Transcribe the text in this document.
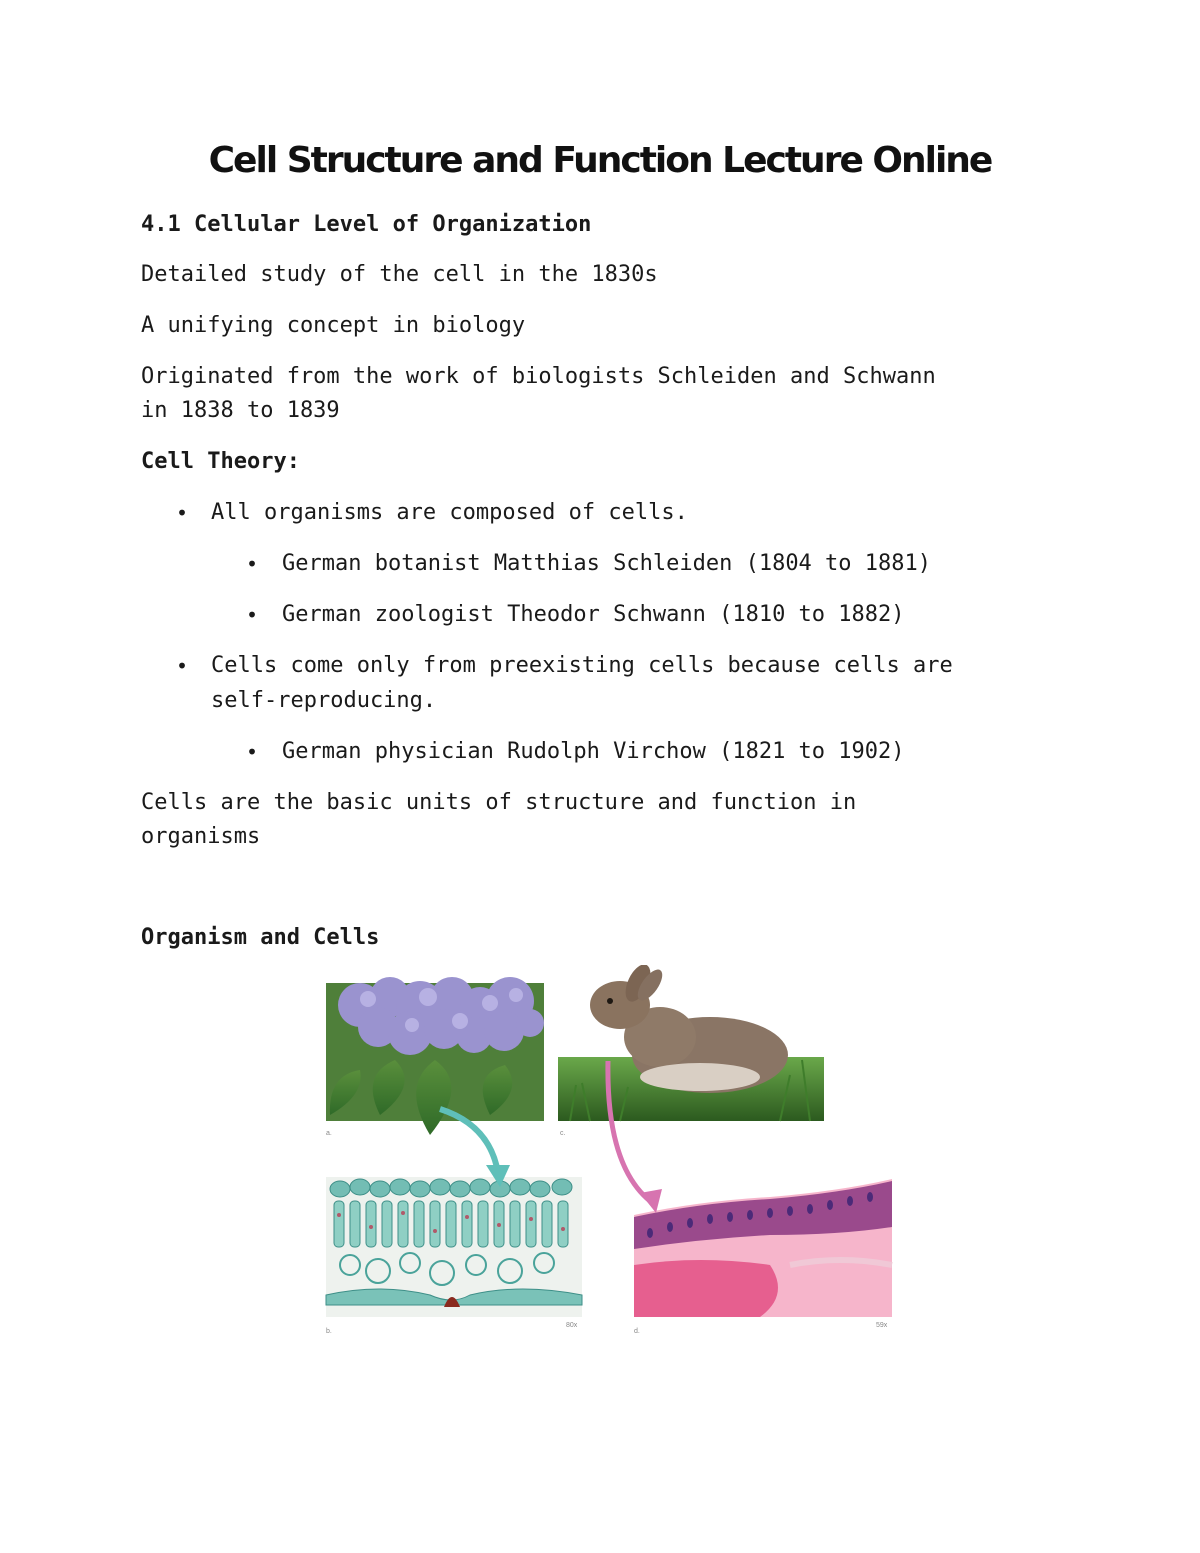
Cell Structure and Function Lecture Online
4.1 Cellular Level of Organization
Detailed study of the cell in the 1830s
A unifying concept in biology
Originated from the work of biologists Schleiden and Schwann
in 1838 to 1839
Cell Theory:
• All organisms are composed of cells.
• German botanist Matthias Schleiden (1804 to 1881)
• German zoologist Theodor Schwann (1810 to 1882)
• Cells come only from preexisting cells because cells are
self-reproducing.
• German physician Rudolph Virchow (1821 to 1902)
Cells are the basic units of structure and function in
organisms
Organism and Cells
a.	c.
b.
80x
d.
59x
